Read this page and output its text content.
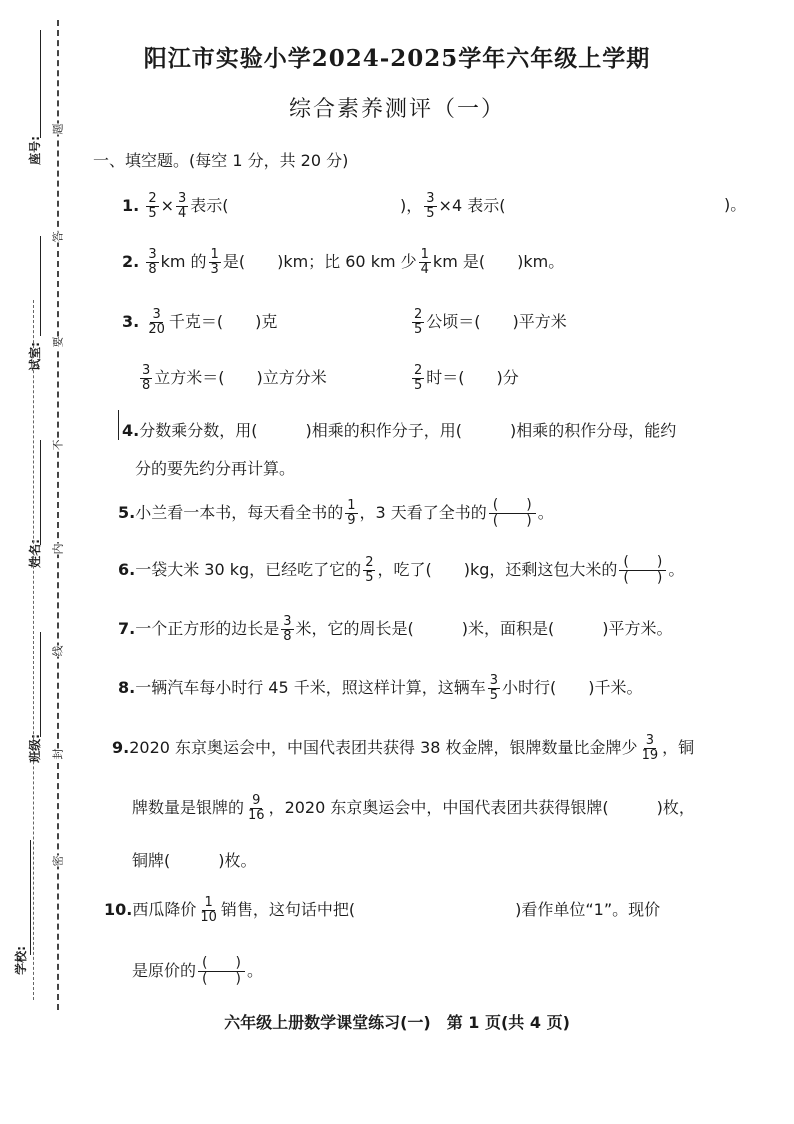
座号:
试室:
姓名:
班级:
学校:
题
答
要
不
内
线
封
密
阳江市实验小学2024-2025学年六年级上学期
综合素养测评（一）
一、填空题。(每空 1 分，共 20 分)
1. $\frac{2}{5} \times \frac{3}{4}$ 表示(	)， $\frac{3}{5} \times 4$ 表示(	)。
2. $\frac{3}{8}$ km 的 $\frac{1}{3}$ 是(　　)km；比 60 km 少 $\frac{1}{4}$ km 是(　　)km。
3. $\frac{3}{20}$ 千克＝(　　)克	$\frac{2}{5}$ 公顷＝(　　)平方米
$\frac{3}{8}$ 立方米＝(　　)立方分米	$\frac{2}{5}$ 时＝(　　)分
4.分数乘分数，用(　　　)相乘的积作分子，用(　　　)相乘的积作分母，能约
分的要先约分再计算。
5.小兰看一本书，每天看全书的 $\frac{1}{9}$ ，3 天看了全书的 (　　)
(　　) 。
6.一袋大米 30 kg，已经吃了它的 $\frac{2}{5}$ ，吃了(　　)kg，还剩这包大米的 (　　)
(　　) 。
7.一个正方形的边长是 $\frac{3}{8}$ 米，它的周长是(　　　)米，面积是(　　　)平方米。
8.一辆汽车每小时行 45 千米，照这样计算，这辆车 $\frac{3}{5}$ 小时行(　　)千米。
9.2020 东京奥运会中，中国代表团共获得 38 枚金牌，银牌数量比金牌少 $\frac{3}{19}$ ，铜
牌数量是银牌的 $\frac{9}{16}$ ，2020 东京奥运会中，中国代表团共获得银牌(　　　)枚，
铜牌(　　　)枚。
10.西瓜降价 $\frac{1}{10}$ 销售，这句话中把(　　　　　　　　　　)看作单位“1”。现价
是原价的 (　　)
(　　) 。
六年级上册数学课堂练习(一)　第 1 页(共 4 页)
